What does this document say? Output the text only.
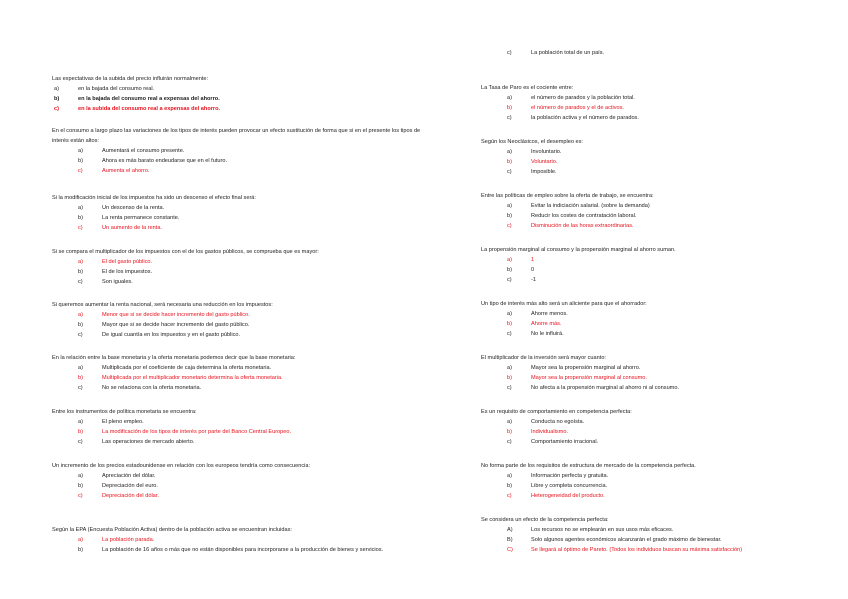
Las expectativas de la subida del precio influirán normalmente:
a)	en la bajada del consumo real.
b)	en la bajada del consumo real a expensas del ahorro.
c)	en la subida del consumo real a expensas del ahorro.
En el consumo a largo plazo las variaciones de los tipos de interés pueden provocar un efecto sustitución de forma que si en el presente los tipos de interés están altos:
a)	Aumentará el consumo presente.
b)	Ahora es más barato endeudarse que en el futuro.
c)	Aumenta el ahorro.
Si la modificación inicial de los impuestos ha sido un descenso el efecto final será:
a)	Un descenso de la renta.
b)	La renta permanece constante.
c)	Un aumento de la renta.
Si se compara el multiplicador de los impuestos con el de los gastos públicos, se comprueba que es mayor:
a)	El del gasto público.
b)	El de los impuestos.
c)	Son iguales.
Si queremos aumentar la renta nacional, será necesaria una reducción en los impuestos:
a)	Menor que si se decide hacer incremento del gasto público.
b)	Mayor que si se decide hacer incremento del gasto público.
c)	De igual cuantía en los impuestos y en el gasto público.
En la relación entre la base monetaria y la oferta monetaria podemos decir que la base monetaria:
a)	Multiplicada por el coeficiente de caja determina la oferta monetaria.
b)	Multiplicada por el multiplicador monetario determina la oferta monetaria.
c)	No se relaciona con la oferta monetaria.
Entre los instrumentos de política monetaria se encuentra:
a)	El pleno empleo.
b)	La modificación de los tipos de interés por parte del Banco Central Europeo.
c)	Las operaciones de mercado abierto.
Un incremento de los precios estadounidense en relación con los europeos tendría como consecuencia:
a)	Apreciación del dólar.
b)	Depreciación del euro.
c)	Depreciación del dólar.
Según la EPA (Encuesta Población Activa) dentro de la población activa se encuentran incluidas:
a)	La población parada.
b)	La población de 16 años o más que no están disponibles para incorporarse a la producción de bienes y servicios.
c)	La población total de un país.
La Tasa de Paro es el cociente entre:
a)	el número de parados y la población total.
b)	el número de parados y el de activos.
c)	la población activa y el número de parados.
Según los Neoclásicos, el desempleo es:
a)	Involuntario.
b)	Voluntario.
c)	Imposible.
Entre las políticas de empleo sobre la oferta de trabajo, se encuentra:
a)	Evitar la indiciación salarial. (sobre la demanda)
b)	Reducir los costes de contratación laboral.
c)	Disminución de las horas extraordinarias.
La propensión marginal al consumo y la propensión marginal al ahorro suman.
a)	1
b)	0
c)	-1
Un tipo de interés más alto será un aliciente para que el ahorrador:
a)	Ahorre menos.
b)	Ahorre más.
c)	No le influirá.
El multiplicador de la inversión será mayor cuanto:
a)	Mayor sea la propensión marginal al ahorro.
b)	Mayor sea la propensión marginal al consumo.
c)	No afecta a la propensión marginal al ahorro ni al consumo.
Es un requisito de comportamiento en competencia perfecta:
a)	Conducta no egoísta.
b)	Individualismo.
c)	Comportamiento irracional.
No forma parte de los requisitos de estructura de mercado de la competencia perfecta.
a)	Información perfecta y gratuita.
b)	Libre y completa concurrencia.
c)	Heterogeneidad del producto.
Se considera un efecto de la competencia perfecta:
A)	Los recursos no se emplearán en sus usos más eficaces.
B)	Solo algunos agentes económicos alcanzarán el grado máximo de bienestar.
C)	Se llegará al óptimo de Pareto. (Todos los individuos buscan su máxima satisfacción)
